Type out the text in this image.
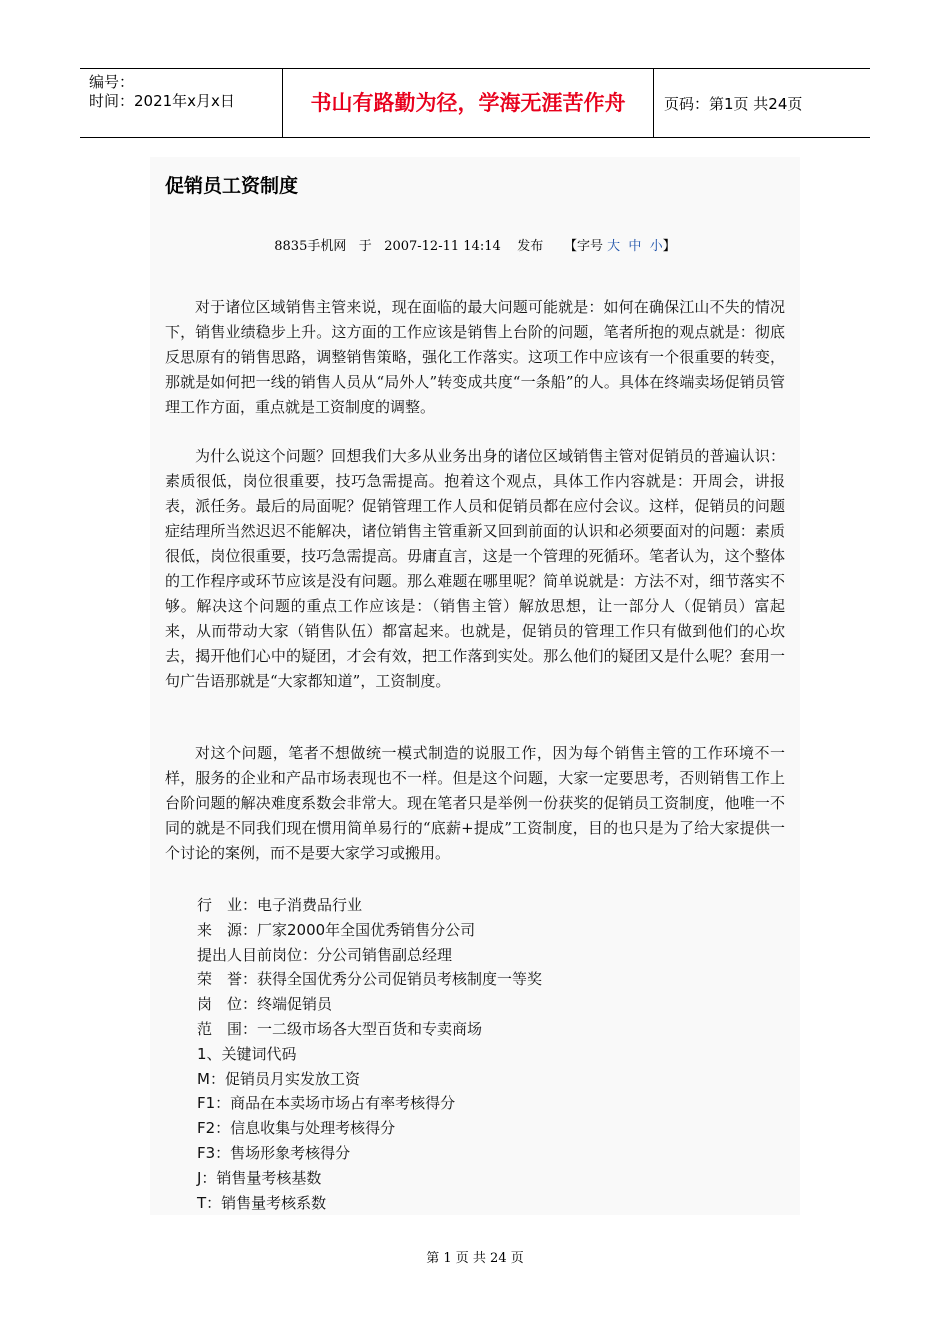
编号：
时间：2021年x月x日	书山有路勤为径，学海无涯苦作舟	页码：第1页 共24页
促销员工资制度
8835手机网 于 2007-12-11 14:14 发布 【字号 大 中 小】
对于诸位区域销售主管来说，现在面临的最大问题可能就是：如何在确保江山不失的情况下，销售业绩稳步上升。这方面的工作应该是销售上台阶的问题，笔者所抱的观点就是：彻底反思原有的销售思路，调整销售策略，强化工作落实。这项工作中应该有一个很重要的转变，那就是如何把一线的销售人员从“局外人”转变成共度“一条船”的人。具体在终端卖场促销员管理工作方面，重点就是工资制度的调整。
为什么说这个问题？回想我们大多从业务出身的诸位区域销售主管对促销员的普遍认识：素质很低，岗位很重要，技巧急需提高。抱着这个观点，具体工作内容就是：开周会，讲报表，派任务。最后的局面呢？促销管理工作人员和促销员都在应付会议。这样，促销员的问题症结理所当然迟迟不能解决，诸位销售主管重新又回到前面的认识和必须要面对的问题：素质很低，岗位很重要，技巧急需提高。毋庸直言，这是一个管理的死循环。笔者认为，这个整体的工作程序或环节应该是没有问题。那么难题在哪里呢？简单说就是：方法不对，细节落实不够。解决这个问题的重点工作应该是：（销售主管）解放思想，让一部分人（促销员）富起来，从而带动大家（销售队伍）都富起来。也就是，促销员的管理工作只有做到他们的心坎去，揭开他们心中的疑团，才会有效，把工作落到实处。那么他们的疑团又是什么呢？套用一句广告语那就是“大家都知道”，工资制度。
对这个问题，笔者不想做统一模式制造的说服工作，因为每个销售主管的工作环境不一样，服务的企业和产品市场表现也不一样。但是这个问题，大家一定要思考，否则销售工作上台阶问题的解决难度系数会非常大。现在笔者只是举例一份获奖的促销员工资制度，他唯一不同的就是不同我们现在惯用简单易行的“底薪+提成”工资制度，目的也只是为了给大家提供一个讨论的案例，而不是要大家学习或搬用。
行　业：电子消费品行业
来　源：厂家2000年全国优秀销售分公司
提出人目前岗位：分公司销售副总经理
荣　誉：获得全国优秀分公司促销员考核制度一等奖
岗　位：终端促销员
范　围：一二级市场各大型百货和专卖商场
1、关键词代码
M：促销员月实发放工资
F1：商品在本卖场市场占有率考核得分
F2：信息收集与处理考核得分
F3：售场形象考核得分
J：销售量考核基数
T：销售量考核系数
第 1 页 共 24 页
